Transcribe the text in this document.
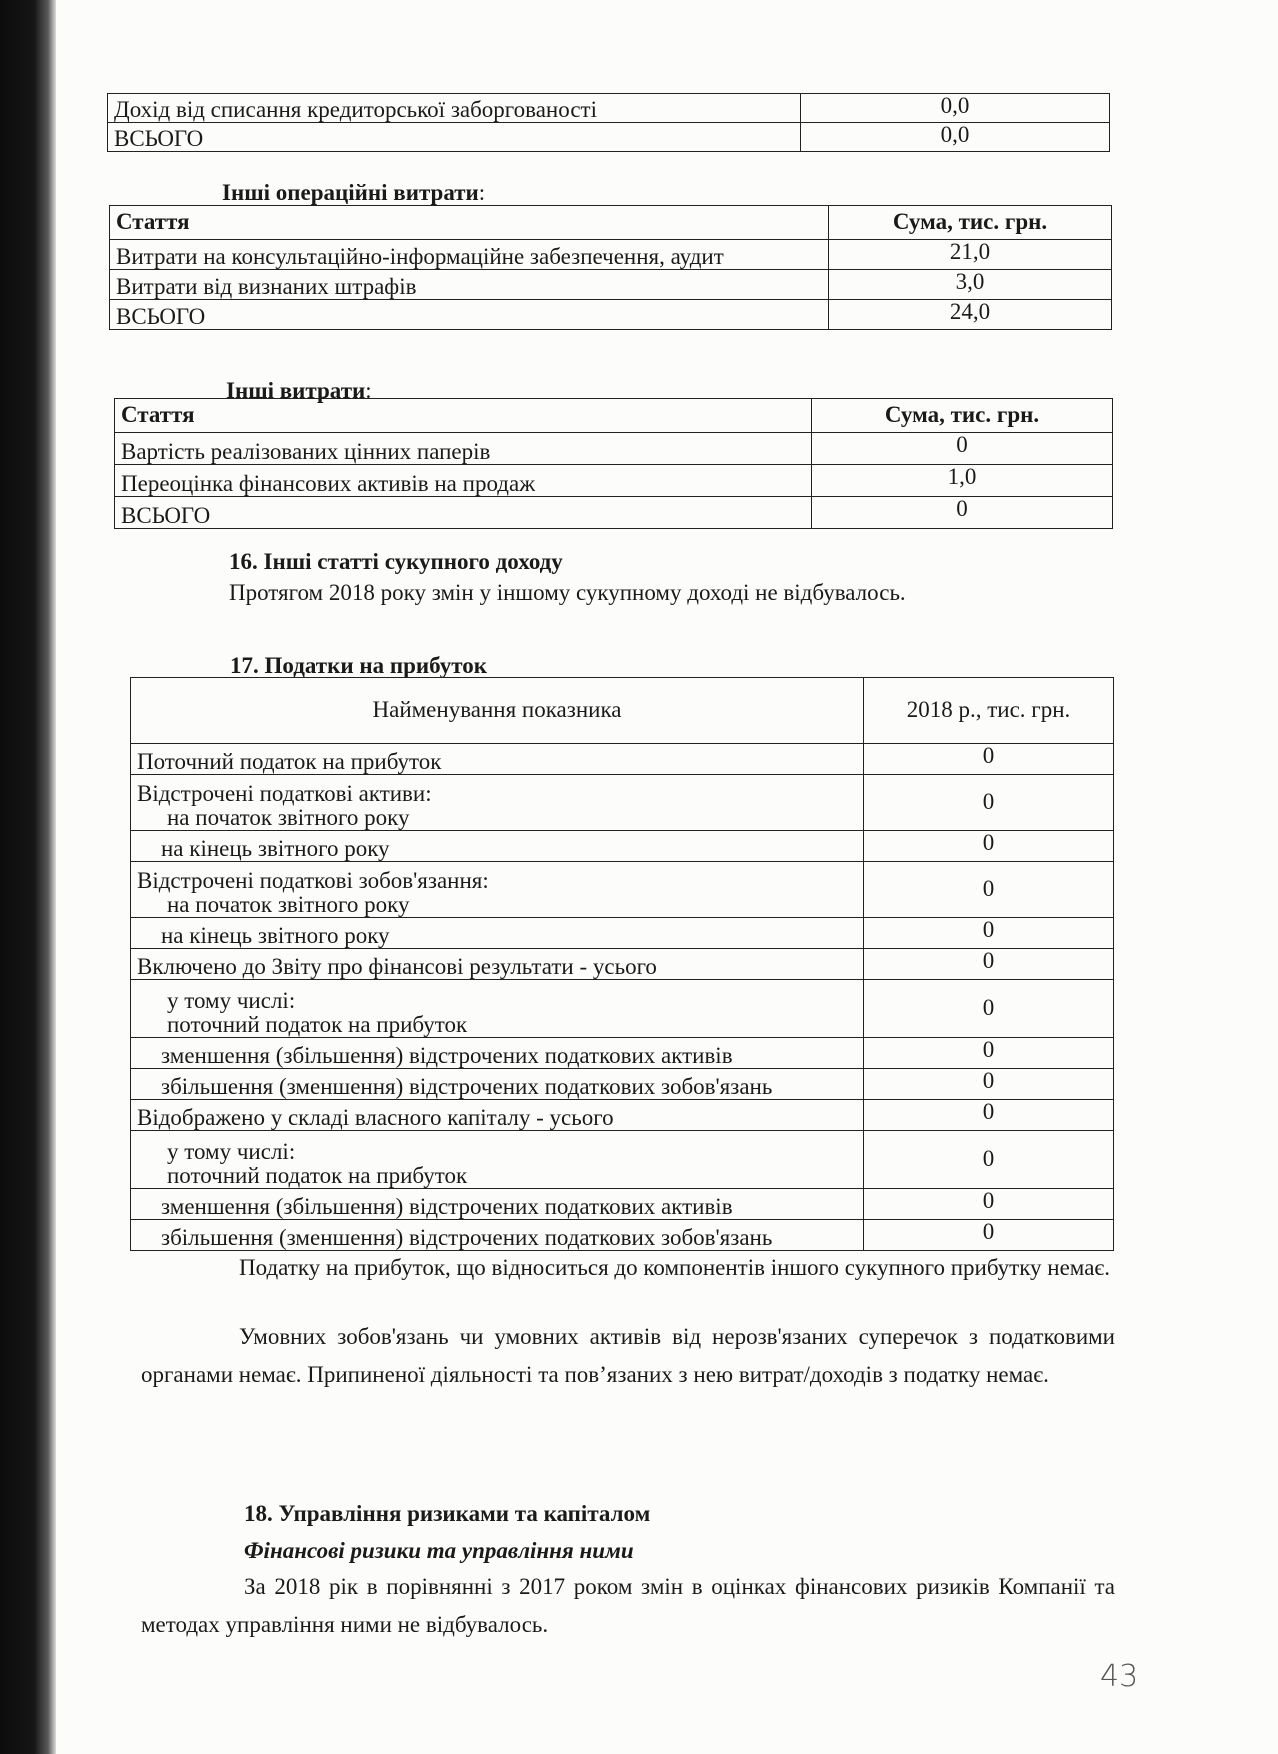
Дохід від списання кредиторської заборгованості	0,0
ВСЬОГО	0,0
Інші операційні витрати:
Стаття	Сума, тис. грн.
Витрати на консультаційно-інформаційне забезпечення, аудит	21,0
Витрати від визнаних штрафів	3,0
ВСЬОГО	24,0
Інші витрати:
Стаття	Сума, тис. грн.
Вартість реалізованих цінних паперів	0
Переоцінка фінансових активів на продаж	1,0
ВСЬОГО	0
16. Інші статті сукупного доходу
Протягом 2018 року змін у іншому сукупному доході не відбувалось.
17. Податки на прибуток
Найменування показника	2018 р., тис. грн.
Поточний податок на прибуток	0

Відстрочені податкові активи:
на початок звітного року	0
на кінець звітного року	0

Відстрочені податкові зобов'язання:
на початок звітного року	0
на кінець звітного року	0
Включено до Звіту про фінансові результати - усього	0

у тому числі:
поточний податок на прибуток	0
зменшення (збільшення) відстрочених податкових активів	0
збільшення (зменшення) відстрочених податкових зобов'язань	0
Відображено у складі власного капіталу - усього	0

у тому числі:
поточний податок на прибуток	0
зменшення (збільшення) відстрочених податкових активів	0
збільшення (зменшення) відстрочених податкових зобов'язань	0
Податку на прибуток, що відноситься до компонентів іншого сукупного прибутку немає.
Умовних зобов'язань чи умовних активів від нерозв'язаних суперечок з податковими органами немає. Припиненої діяльності та пов’язаних з нею витрат/доходів з податку немає.
18. Управління ризиками та капіталом
Фінансові ризики та управління ними
За 2018 рік в порівнянні з 2017 роком змін в оцінках фінансових ризиків Компанії та методах управління ними не відбувалось.
43
